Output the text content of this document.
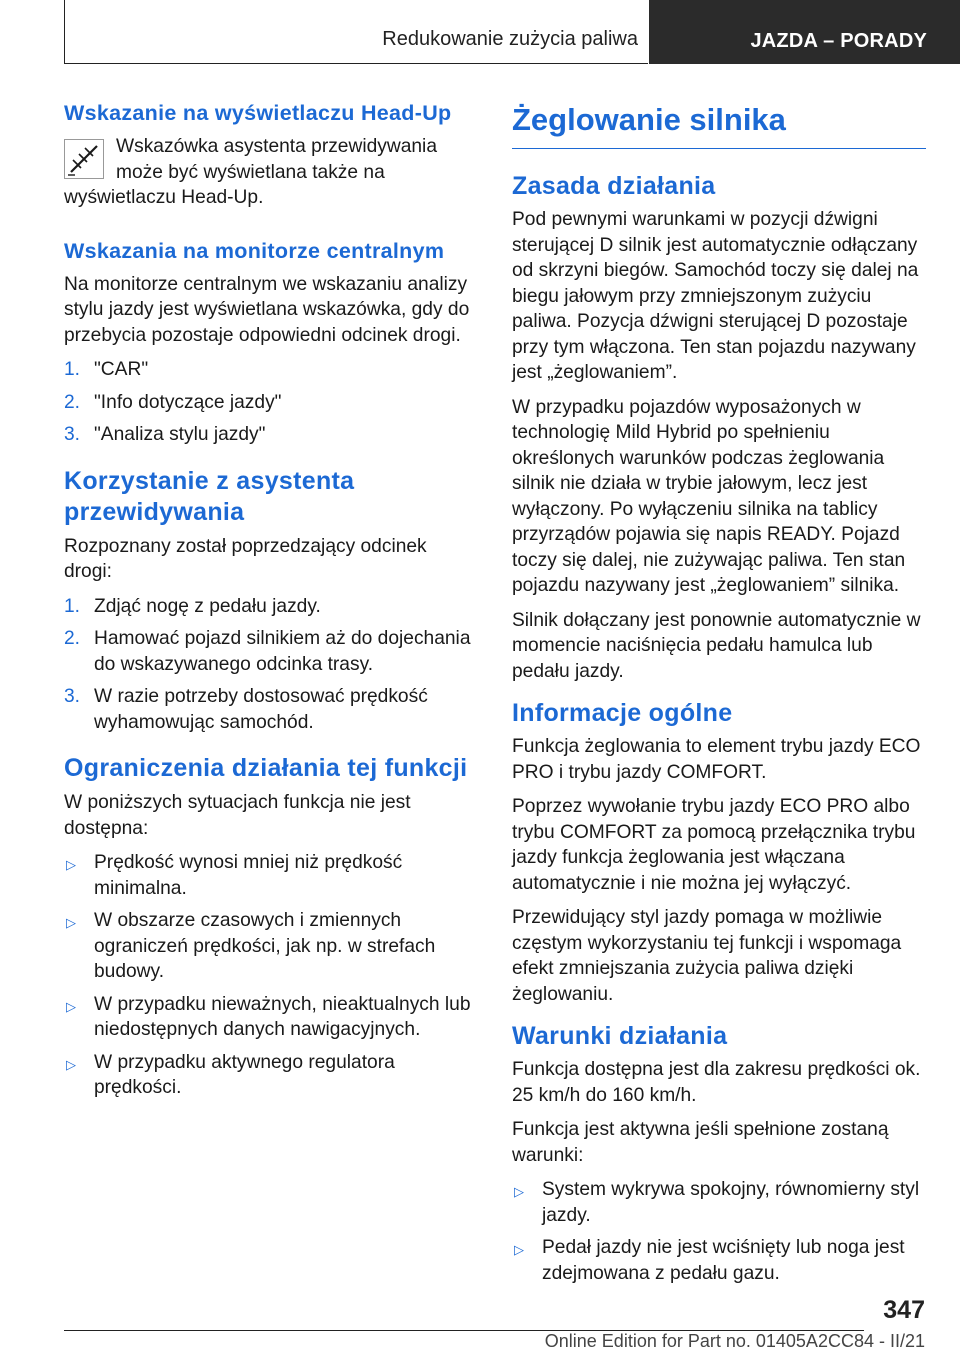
Redukowanie zużycia paliwa	JAZDA – PORADY
Wskazanie na wyświetlaczu Head-Up

Wskazówka asystenta przewidywania może być wyświetlana także na wyświetlaczu Head-Up.

Wskazania na monitorze centralnym

Na monitorze centralnym we wskazaniu analizy stylu jazdy jest wyświetlana wskazówka, gdy do przebycia pozostaje odpowiedni odcinek drogi.

1. "CAR"
2. "Info dotyczące jazdy"
3. "Analiza stylu jazdy"
Korzystanie z asystenta przewidywania

Rozpoznany został poprzedzający odcinek drogi:

1. Zdjąć nogę z pedału jazdy.
2. Hamować pojazd silnikiem aż do dojechania do wskazywanego odcinka trasy.
3. W razie potrzeby dostosować prędkość wyhamowując samochód.
Ograniczenia działania tej funkcji

W poniższych sytuacjach funkcja nie jest dostępna:

▷ Prędkość wynosi mniej niż prędkość minimalna.
▷ W obszarze czasowych i zmiennych ograniczeń prędkości, jak np. w strefach budowy.
▷ W przypadku nieważnych, nieaktualnych lub niedostępnych danych nawigacyjnych.
▷ W przypadku aktywnego regulatora prędkości.
Żeglowanie silnika
Zasada działania

Pod pewnymi warunkami w pozycji dźwigni sterującej D silnik jest automatycznie odłączany od skrzyni biegów. Samochód toczy się dalej na biegu jałowym przy zmniejszonym zużyciu paliwa. Pozycja dźwigni sterującej D pozostaje przy tym włączona. Ten stan pojazdu nazywany jest „żeglowaniem”.

W przypadku pojazdów wyposażonych w technologię Mild Hybrid po spełnieniu określonych warunków podczas żeglowania silnik nie działa w trybie jałowym, lecz jest wyłączony. Po wyłączeniu silnika na tablicy przyrządów pojawia się napis READY. Pojazd toczy się dalej, nie zużywając paliwa. Ten stan pojazdu nazywany jest „żeglowaniem” silnika.

Silnik dołączany jest ponownie automatycznie w momencie naciśnięcia pedału hamulca lub pedału jazdy.

Informacje ogólne

Funkcja żeglowania to element trybu jazdy ECO PRO i trybu jazdy COMFORT.

Poprzez wywołanie trybu jazdy ECO PRO albo trybu COMFORT za pomocą przełącznika trybu jazdy funkcja żeglowania jest włączana automatycznie i nie można jej wyłączyć.

Przewidujący styl jazdy pomaga w możliwie częstym wykorzystaniu tej funkcji i wspomaga efekt zmniejszania zużycia paliwa dzięki żeglowaniu.

Warunki działania

Funkcja dostępna jest dla zakresu prędkości ok. 25 km/h do 160 km/h.

Funkcja jest aktywna jeśli spełnione zostaną warunki:

▷ System wykrywa spokojny, równomierny styl jazdy.
▷ Pedał jazdy nie jest wciśnięty lub noga jest zdejmowana z pedału gazu.
347
Online Edition for Part no. 01405A2CC84 - II/21
